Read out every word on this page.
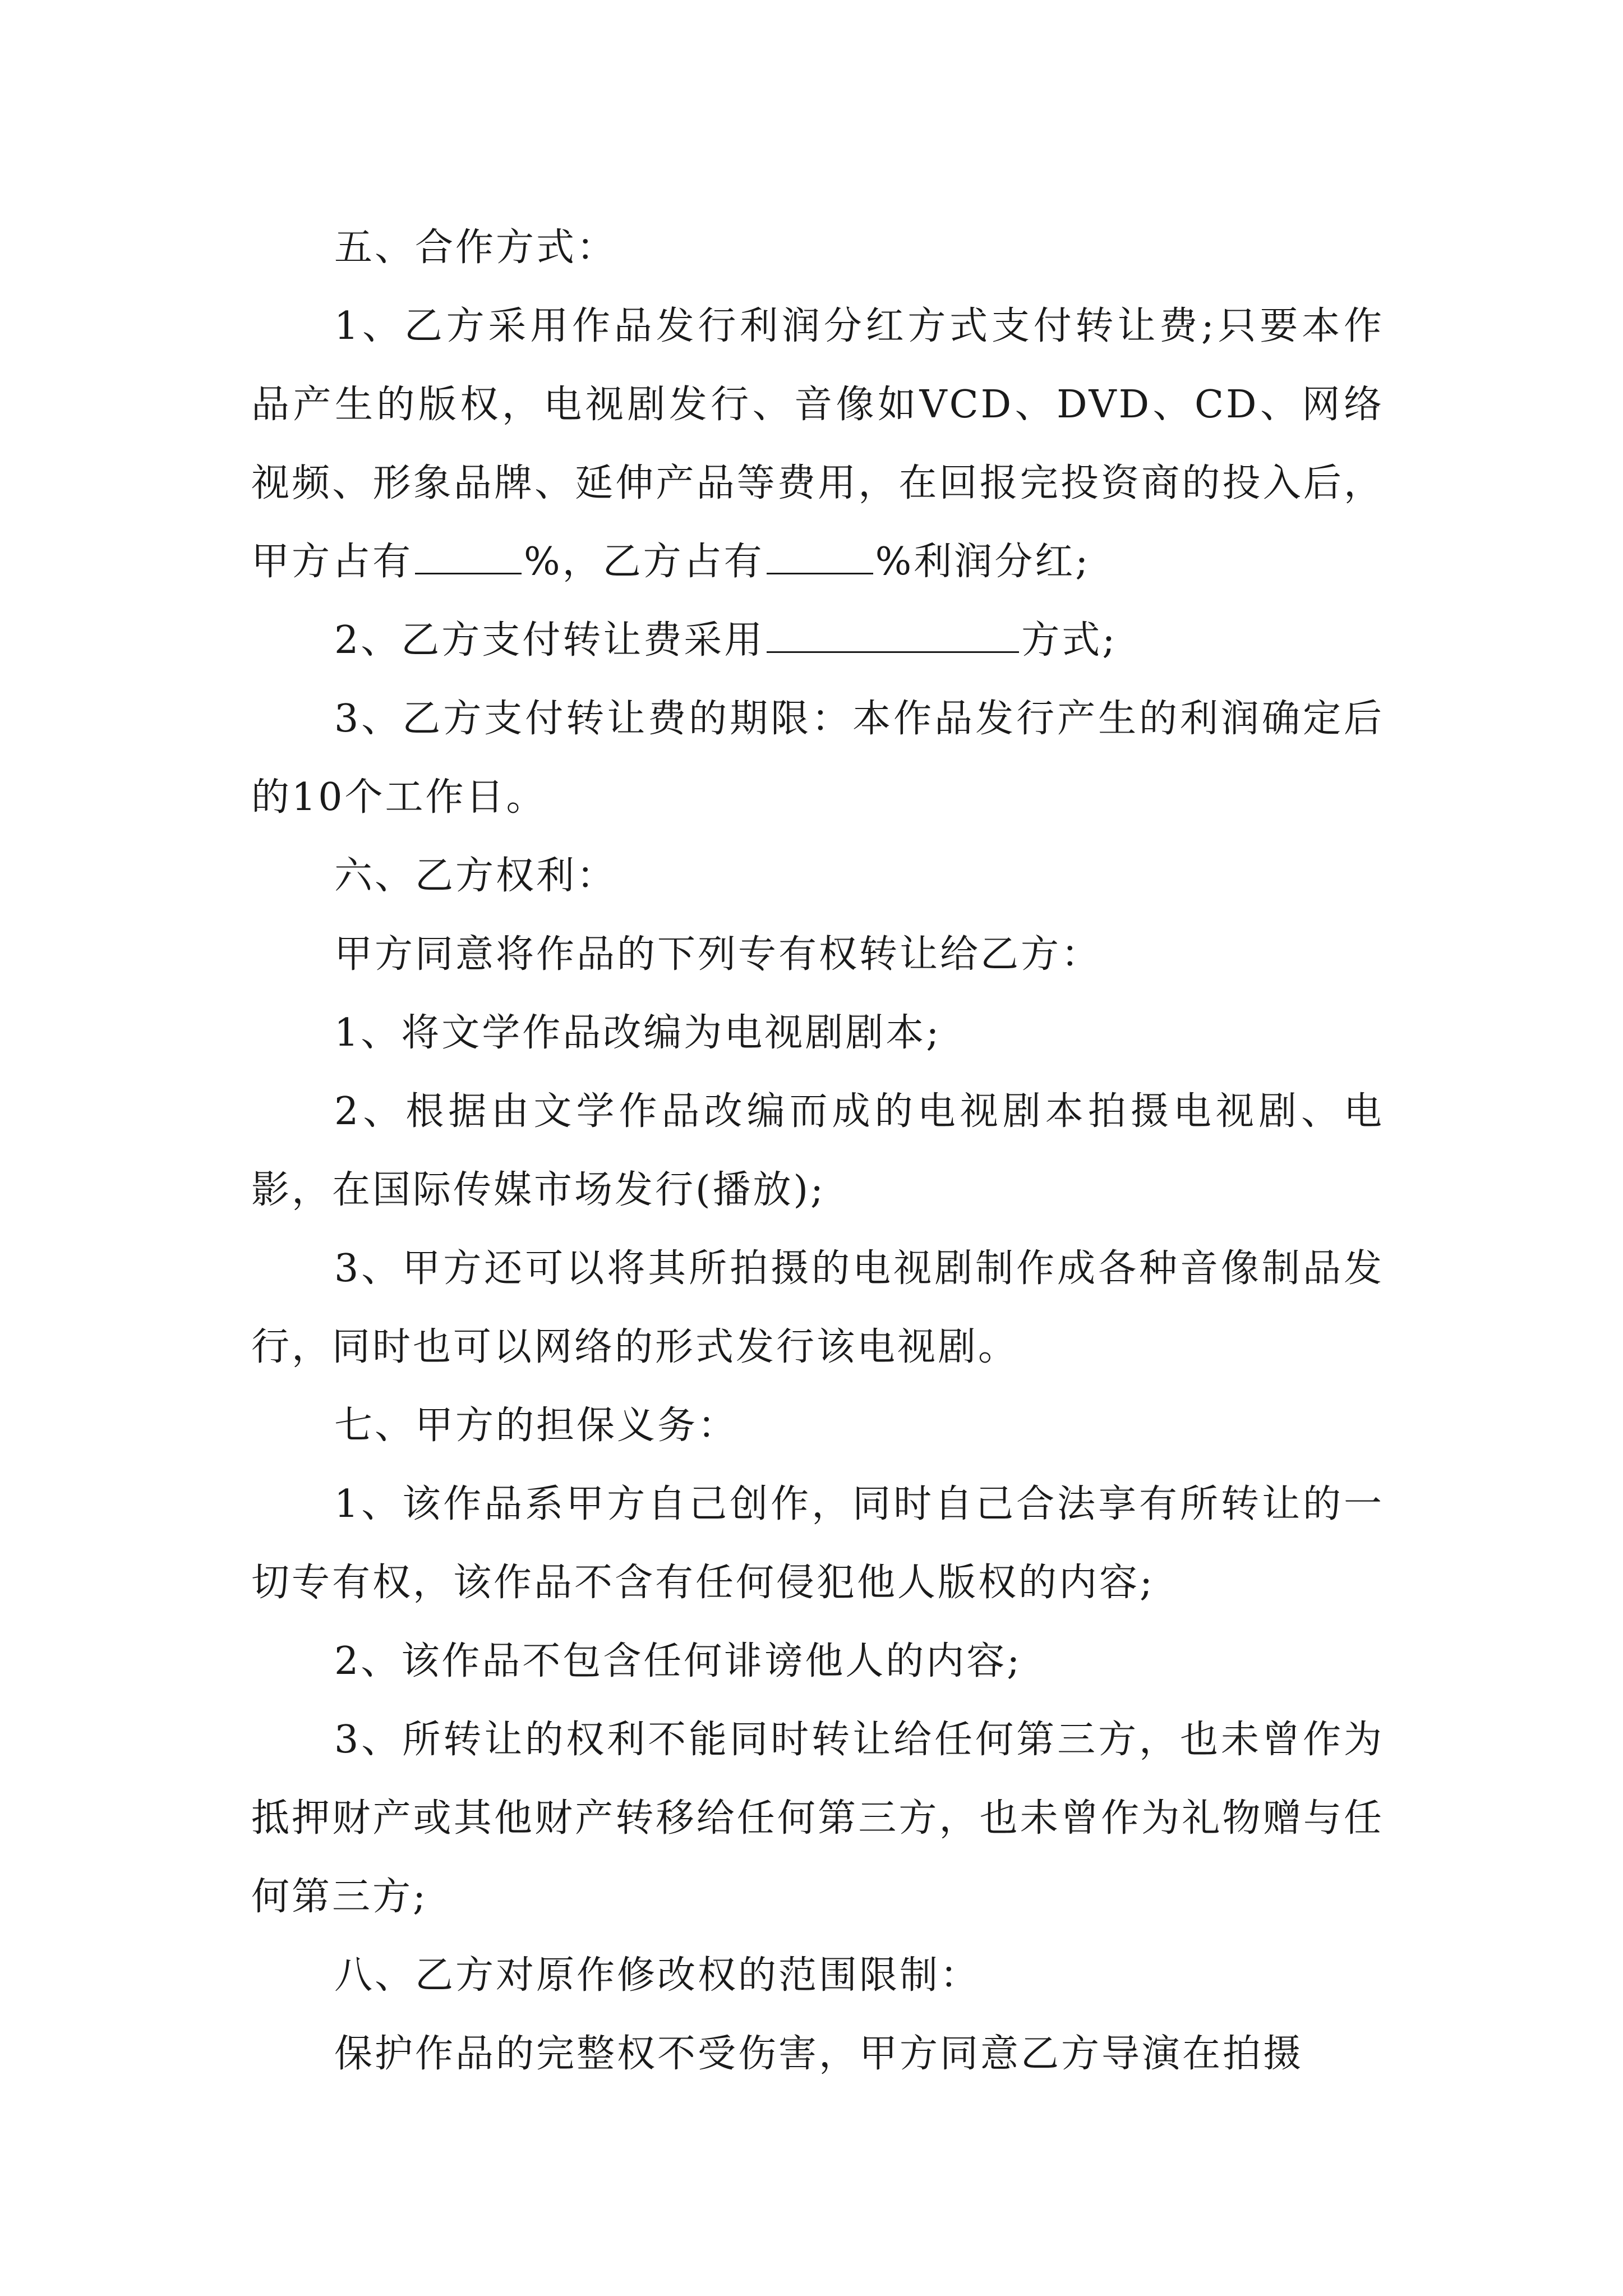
五、合作方式：

1、乙方采用作品发行利润分红方式支付转让费;只要本作品产生的版权，电视剧发行、音像如VCD、DVD、CD、网络视频、形象品牌、延伸产品等费用，在回报完投资商的投入后，甲方占有	%，乙方占有	%利润分红;

2、乙方支付转让费采用	方式;

3、乙方支付转让费的期限：本作品发行产生的利润确定后的10个工作日。

六、乙方权利：

甲方同意将作品的下列专有权转让给乙方：

1、将文学作品改编为电视剧剧本;

2、根据由文学作品改编而成的电视剧本拍摄电视剧、电影，在国际传媒市场发行(播放);

3、甲方还可以将其所拍摄的电视剧制作成各种音像制品发行，同时也可以网络的形式发行该电视剧。

七、甲方的担保义务：

1、该作品系甲方自己创作，同时自己合法享有所转让的一切专有权，该作品不含有任何侵犯他人版权的内容;

2、该作品不包含任何诽谤他人的内容;

3、所转让的权利不能同时转让给任何第三方，也未曾作为抵押财产或其他财产转移给任何第三方，也未曾作为礼物赠与任何第三方;

八、乙方对原作修改权的范围限制：

保护作品的完整权不受伤害，甲方同意乙方导演在拍摄
